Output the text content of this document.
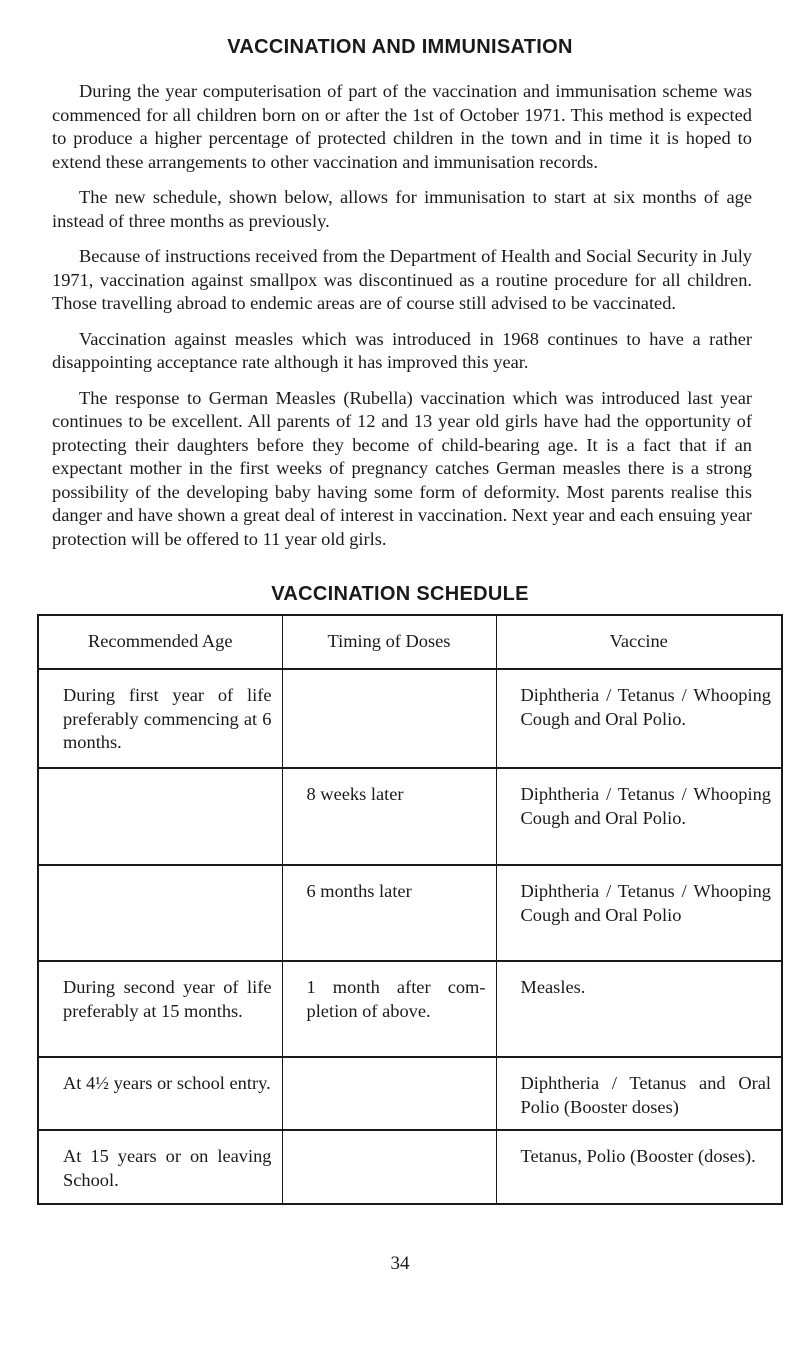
VACCINATION AND IMMUNISATION

During the year computerisation of part of the vaccination and immunisation scheme was commenced for all children born on or after the 1st of October 1971. This method is expected to produce a higher percentage of protected children in the town and in time it is hoped to extend these arrangements to other vaccination and immunisation records.

The new schedule, shown below, allows for immunisation to start at six months of age instead of three months as previously.

Because of instructions received from the Department of Health and Social Security in July 1971, vaccination against smallpox was discontinued as a routine procedure for all children. Those travelling abroad to endemic areas are of course still advised to be vaccinated.

Vaccination against measles which was introduced in 1968 continues to have a rather disappointing acceptance rate although it has improved this year.

The response to German Measles (Rubella) vaccination which was introduced last year continues to be excellent. All parents of 12 and 13 year old girls have had the opportunity of protecting their daughters before they become of child-bearing age. It is a fact that if an expectant mother in the first weeks of pregnancy catches German measles there is a strong possibility of the developing baby having some form of deformity. Most parents realise this danger and have shown a great deal of interest in vaccination. Next year and each ensuing year protection will be offered to 11 year old girls.

VACCINATION SCHEDULE
Recommended Age	Timing of Doses	Vaccine
During first year of life preferably commencing at 6 months.		Diphtheria / Tetanus / Whooping Cough and Oral Polio.
	8 weeks later	Diphtheria / Tetanus / Whooping Cough and Oral Polio.
	6 months later	Diphtheria / Tetanus / Whooping Cough and Oral Polio
During second year of life preferably at 15 months.	1 month after com- pletion of above.	Measles.
At 4½ years or school entry.		Diphtheria / Tetanus and Oral Polio (Booster doses)
At 15 years or on leaving School.		Tetanus, Polio (Booster (doses).
34
